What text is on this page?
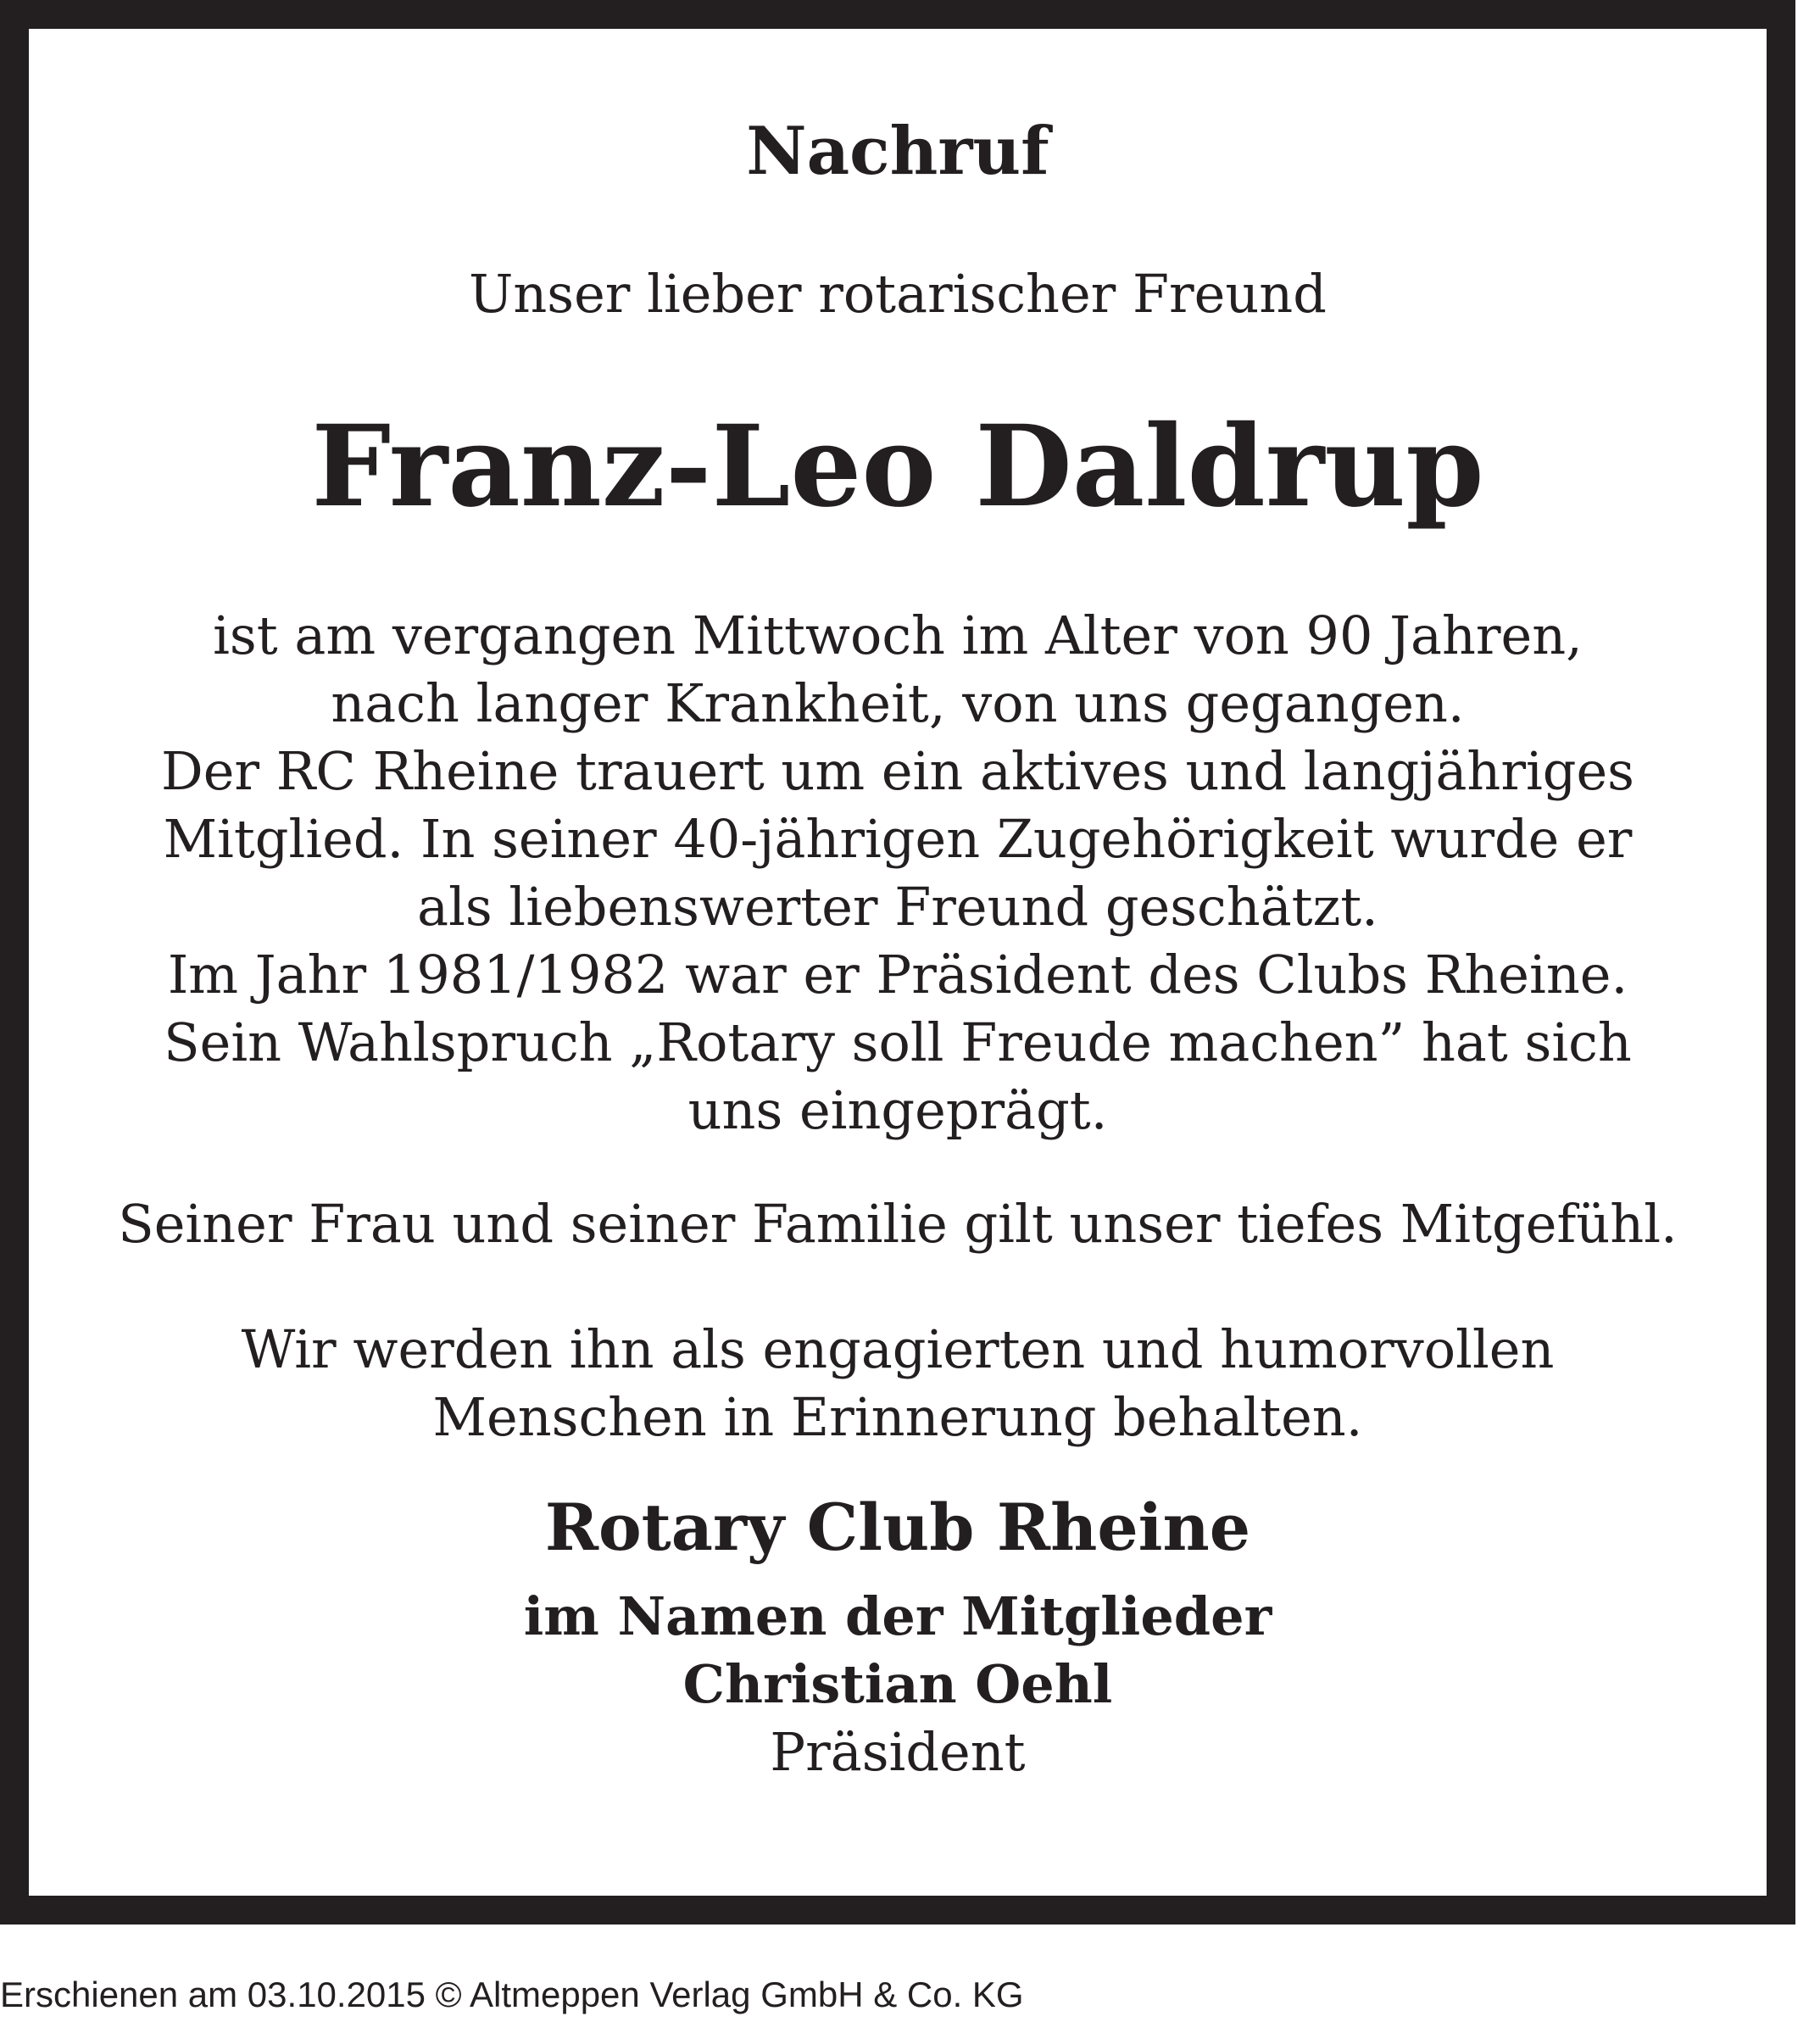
Nachruf

Unser lieber rotarischer Freund

Franz-Leo Daldrup

ist am vergangen Mittwoch im Alter von 90 Jahren,
nach langer Krankheit, von uns gegangen.
Der RC Rheine trauert um ein aktives und langjähriges
Mitglied. In seiner 40-jährigen Zugehörigkeit wurde er
als liebenswerter Freund geschätzt.
Im Jahr 1981/1982 war er Präsident des Clubs Rheine.
Sein Wahlspruch „Rotary soll Freude machen” hat sich
uns eingeprägt.

Seiner Frau und seiner Familie gilt unser tiefes Mitgefühl.

Wir werden ihn als engagierten und humorvollen
Menschen in Erinnerung behalten.

Rotary Club Rheine

im Namen der Mitglieder

Christian Oehl

Präsident

Erschienen am 03.10.2015 © Altmeppen Verlag GmbH & Co. KG
